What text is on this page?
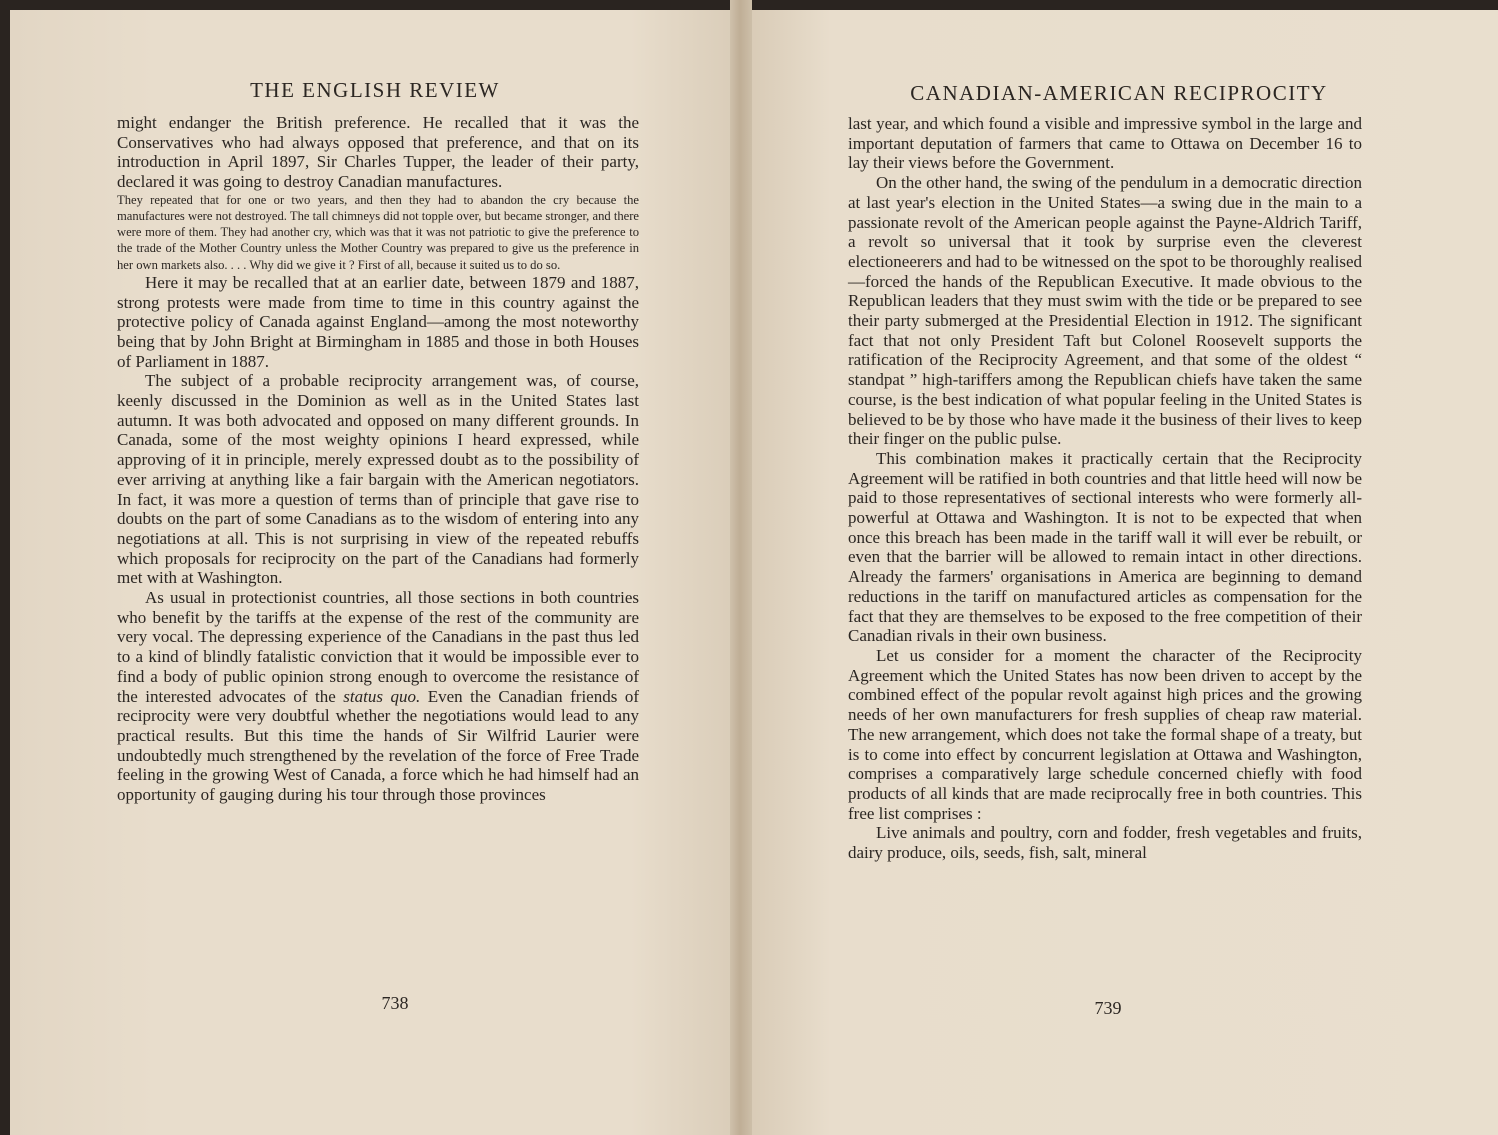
THE ENGLISH REVIEW

might endanger the British preference. He recalled that it was the Conservatives who had always opposed that preference, and that on its introduction in April 1897, Sir Charles Tupper, the leader of their party, declared it was going to destroy Canadian manufactures.

They repeated that for one or two years, and then they had to abandon the cry because the manufactures were not destroyed. The tall chimneys did not topple over, but became stronger, and there were more of them. They had another cry, which was that it was not patriotic to give the preference to the trade of the Mother Country unless the Mother Country was prepared to give us the preference in her own markets also. . . . Why did we give it ? First of all, because it suited us to do so.

Here it may be recalled that at an earlier date, between 1879 and 1887, strong protests were made from time to time in this country against the protective policy of Canada against England—among the most noteworthy being that by John Bright at Birmingham in 1885 and those in both Houses of Parliament in 1887.

The subject of a probable reciprocity arrangement was, of course, keenly discussed in the Dominion as well as in the United States last autumn. It was both advocated and opposed on many different grounds. In Canada, some of the most weighty opinions I heard expressed, while approving of it in principle, merely expressed doubt as to the possibility of ever arriving at anything like a fair bargain with the American negotiators. In fact, it was more a question of terms than of principle that gave rise to doubts on the part of some Canadians as to the wisdom of entering into any negotiations at all. This is not surprising in view of the repeated rebuffs which proposals for reciprocity on the part of the Canadians had formerly met with at Washington.

As usual in protectionist countries, all those sections in both countries who benefit by the tariffs at the expense of the rest of the community are very vocal. The depressing experience of the Canadians in the past thus led to a kind of blindly fatalistic conviction that it would be impossible ever to find a body of public opinion strong enough to overcome the resistance of the interested advocates of the status quo. Even the Canadian friends of reciprocity were very doubtful whether the negotiations would lead to any practical results. But this time the hands of Sir Wilfrid Laurier were undoubtedly much strengthened by the revelation of the force of Free Trade feeling in the growing West of Canada, a force which he had himself had an opportunity of gauging during his tour through those provinces

738
CANADIAN-AMERICAN RECIPROCITY

last year, and which found a visible and impressive symbol in the large and important deputation of farmers that came to Ottawa on December 16 to lay their views before the Government.

On the other hand, the swing of the pendulum in a democratic direction at last year's election in the United States—a swing due in the main to a passionate revolt of the American people against the Payne-Aldrich Tariff, a revolt so universal that it took by surprise even the cleverest electioneerers and had to be witnessed on the spot to be thoroughly realised—forced the hands of the Republican Executive. It made obvious to the Republican leaders that they must swim with the tide or be prepared to see their party submerged at the Presidential Election in 1912. The significant fact that not only President Taft but Colonel Roosevelt supports the ratification of the Reciprocity Agreement, and that some of the oldest “ standpat ” high-tariffers among the Republican chiefs have taken the same course, is the best indication of what popular feeling in the United States is believed to be by those who have made it the business of their lives to keep their finger on the public pulse.

This combination makes it practically certain that the Reciprocity Agreement will be ratified in both countries and that little heed will now be paid to those representatives of sectional interests who were formerly all-powerful at Ottawa and Washington. It is not to be expected that when once this breach has been made in the tariff wall it will ever be rebuilt, or even that the barrier will be allowed to remain intact in other directions. Already the farmers' organisations in America are beginning to demand reductions in the tariff on manufactured articles as compensation for the fact that they are themselves to be exposed to the free competition of their Canadian rivals in their own business.

Let us consider for a moment the character of the Reciprocity Agreement which the United States has now been driven to accept by the combined effect of the popular revolt against high prices and the growing needs of her own manufacturers for fresh supplies of cheap raw material. The new arrangement, which does not take the formal shape of a treaty, but is to come into effect by concurrent legislation at Ottawa and Washington, comprises a comparatively large schedule concerned chiefly with food products of all kinds that are made reciprocally free in both countries. This free list comprises :

Live animals and poultry, corn and fodder, fresh vegetables and fruits, dairy produce, oils, seeds, fish, salt, mineral

739
